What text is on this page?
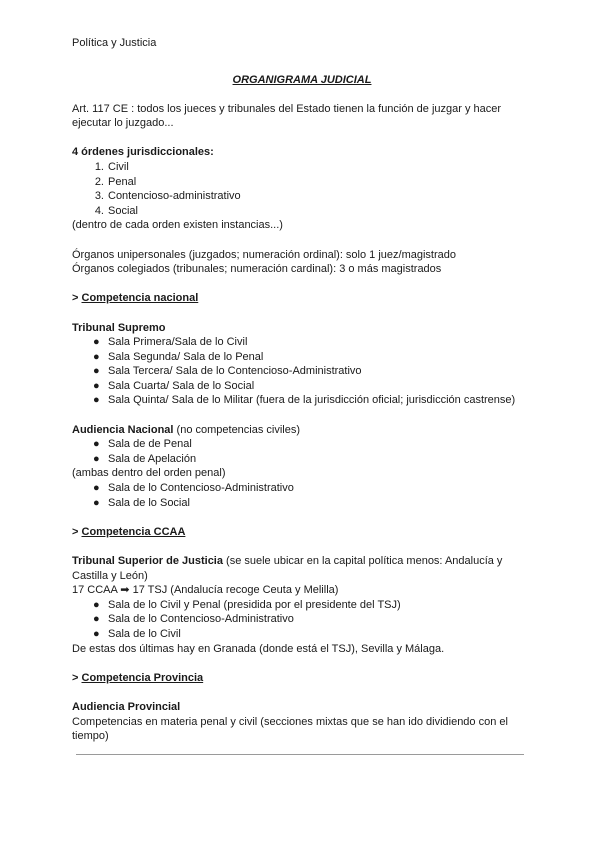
Política y Justicia

ORGANIGRAMA JUDICIAL

Art. 117 CE : todos los jueces y tribunales del Estado tienen la función de juzgar y hacer ejecutar lo juzgado...

4 órdenes jurisdiccionales:

1. Civil
2. Penal
3. Contencioso-administrativo
4. Social

(dentro de cada orden existen instancias...)

Órganos unipersonales (juzgados; numeración ordinal): solo 1 juez/magistrado

Órganos colegiados (tribunales; numeración cardinal): 3 o más magistrados

> Competencia nacional

Tribunal Supremo

● Sala Primera/Sala de lo Civil
● Sala Segunda/ Sala de lo Penal
● Sala Tercera/ Sala de lo Contencioso-Administrativo
● Sala Cuarta/ Sala de lo Social
● Sala Quinta/ Sala de lo Militar (fuera de la jurisdicción oficial; jurisdicción castrense)

Audiencia Nacional (no competencias civiles)

● Sala de de Penal
● Sala de Apelación

(ambas dentro del orden penal)

● Sala de lo Contencioso-Administrativo
● Sala de lo Social

> Competencia CCAA

Tribunal Superior de Justicia (se suele ubicar en la capital política menos: Andalucía y Castilla y León)

17 CCAA ➡ 17 TSJ (Andalucía recoge Ceuta y Melilla)

● Sala de lo Civil y Penal (presidida por el presidente del TSJ)
● Sala de lo Contencioso-Administrativo
● Sala de lo Civil

De estas dos últimas hay en Granada (donde está el TSJ), Sevilla y Málaga.

> Competencia Provincia

Audiencia Provincial

Competencias en materia penal y civil (secciones mixtas que se han ido dividiendo con el tiempo)
